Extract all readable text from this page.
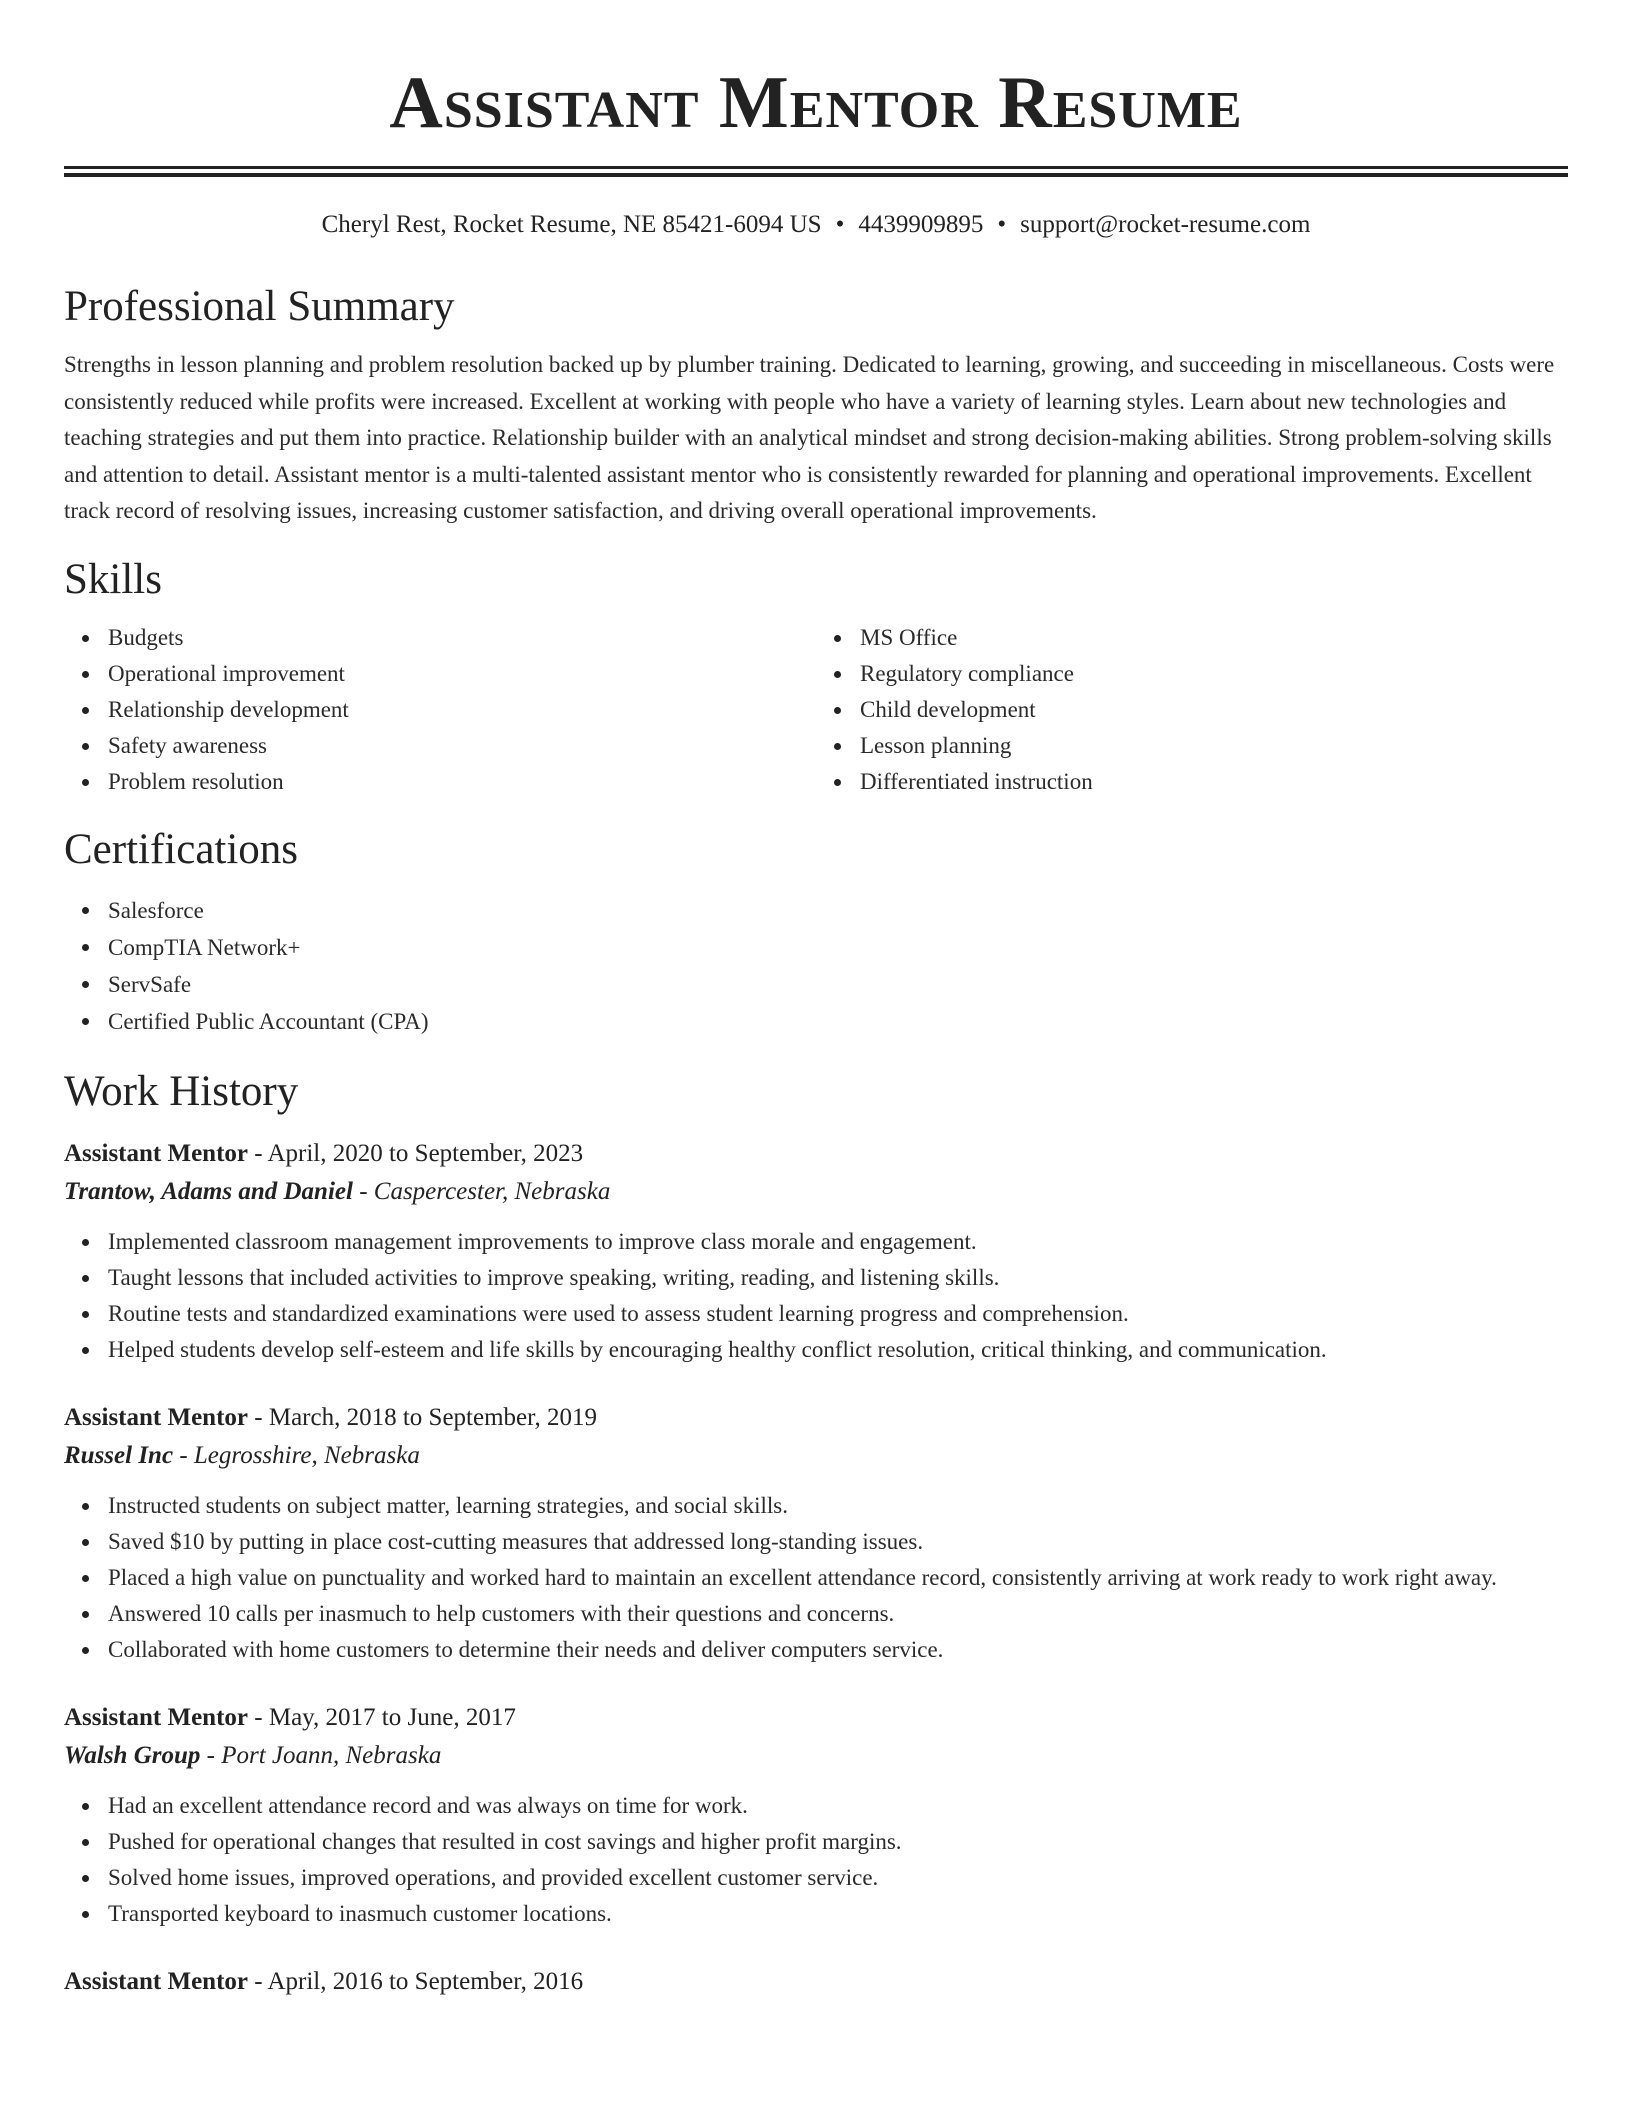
Assistant Mentor Resume
Cheryl Rest, Rocket Resume, NE 85421-6094 US • 4439909895 • support@rocket-resume.com
Professional Summary

Strengths in lesson planning and problem resolution backed up by plumber training. Dedicated to learning, growing, and succeeding in miscellaneous. Costs were consistently reduced while profits were increased. Excellent at working with people who have a variety of learning styles. Learn about new technologies and teaching strategies and put them into practice. Relationship builder with an analytical mindset and strong decision-making abilities. Strong problem-solving skills and attention to detail. Assistant mentor is a multi-talented assistant mentor who is consistently rewarded for planning and operational improvements. Excellent track record of resolving issues, increasing customer satisfaction, and driving overall operational improvements.

Skills
Budgets
Operational improvement
Relationship development
Safety awareness
Problem resolution
MS Office
Regulatory compliance
Child development
Lesson planning
Differentiated instruction
Certifications
Salesforce
CompTIA Network+
ServSafe
Certified Public Accountant (CPA)
Work History
Assistant Mentor - April, 2020 to September, 2023
Trantow, Adams and Daniel - Caspercester, Nebraska
Implemented classroom management improvements to improve class morale and engagement.
Taught lessons that included activities to improve speaking, writing, reading, and listening skills.
Routine tests and standardized examinations were used to assess student learning progress and comprehension.
Helped students develop self-esteem and life skills by encouraging healthy conflict resolution, critical thinking, and communication.
Assistant Mentor - March, 2018 to September, 2019
Russel Inc - Legrosshire, Nebraska
Instructed students on subject matter, learning strategies, and social skills.
Saved $10 by putting in place cost-cutting measures that addressed long-standing issues.
Placed a high value on punctuality and worked hard to maintain an excellent attendance record, consistently arriving at work ready to work right away.
Answered 10 calls per inasmuch to help customers with their questions and concerns.
Collaborated with home customers to determine their needs and deliver computers service.
Assistant Mentor - May, 2017 to June, 2017
Walsh Group - Port Joann, Nebraska
Had an excellent attendance record and was always on time for work.
Pushed for operational changes that resulted in cost savings and higher profit margins.
Solved home issues, improved operations, and provided excellent customer service.
Transported keyboard to inasmuch customer locations.
Assistant Mentor - April, 2016 to September, 2016
